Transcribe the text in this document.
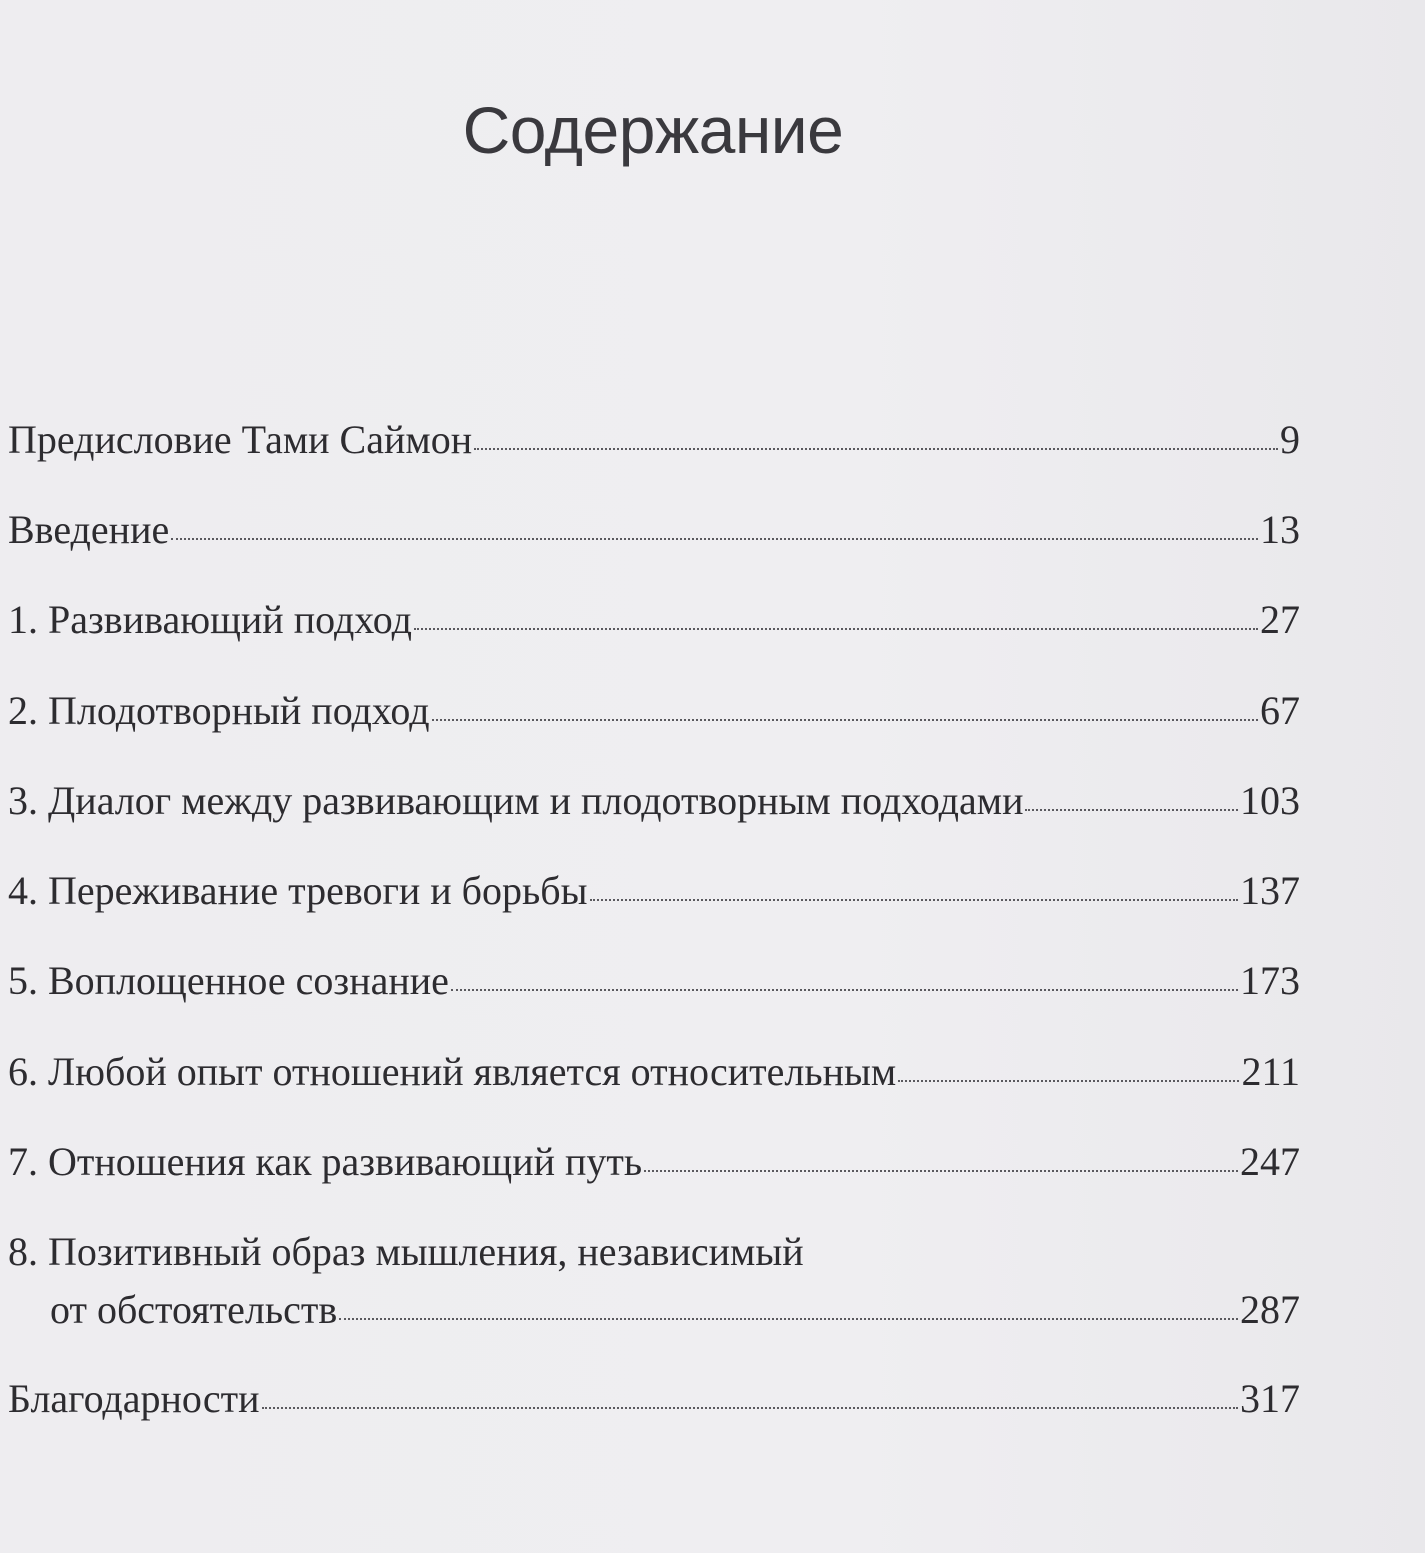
Содержание
Предисловие Тами Саймон	9
Введение	13
1. Развивающий подход	27
2. Плодотворный подход	67
3. Диалог между развивающим и плодотворным подходами	103
4. Переживание тревоги и борьбы	137
5. Воплощенное сознание	173
6. Любой опыт отношений является относительным	211
7. Отношения как развивающий путь	247
8. Позитивный образ мышления, независимый
от обстоятельств	287
Благодарности	317
